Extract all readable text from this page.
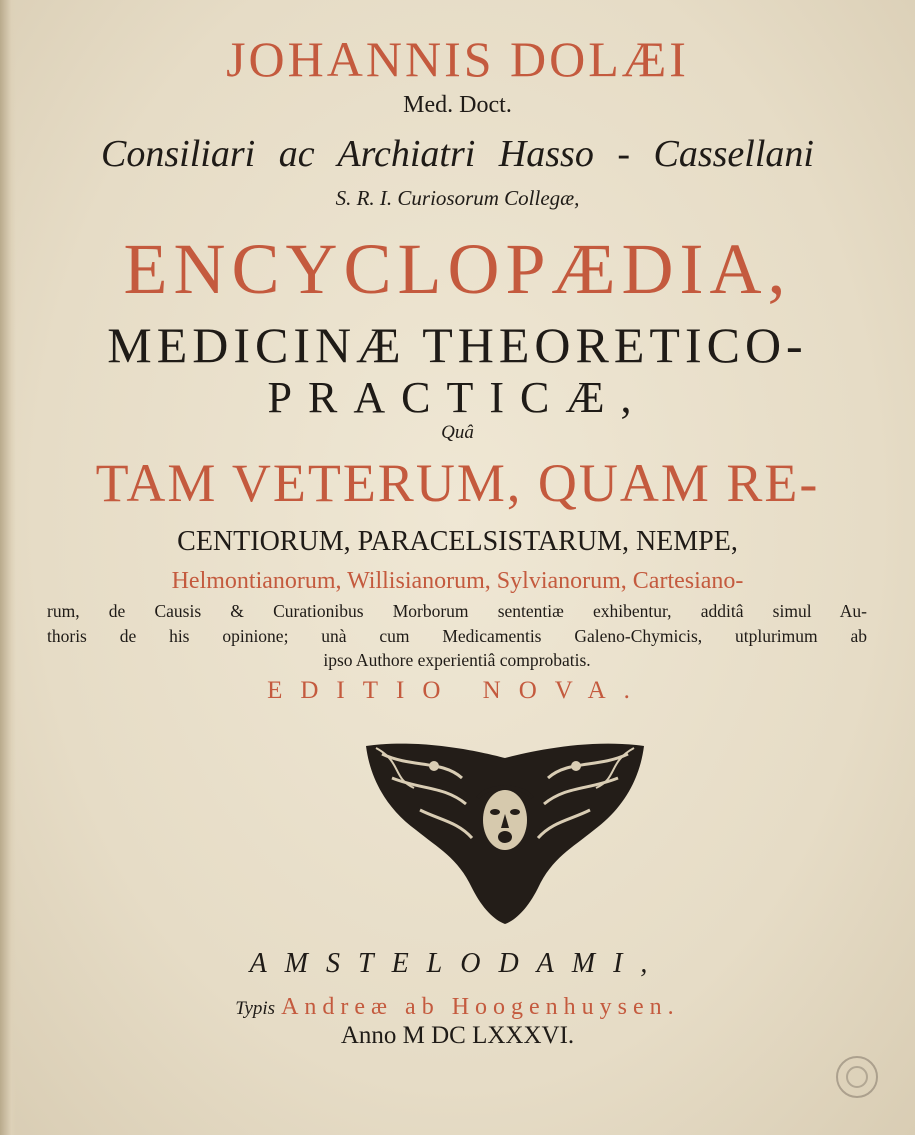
JOHANNIS DOLÆI
Med. Doct.
Consiliari ac Archiatri Hasso - Cassellani
S. R. I. Curiosorum Collegæ,
ENCYCLOPÆDIA,
MEDICINÆ THEORETICO-
PRACTICÆ,
Quâ
TAM VETERUM, QUAM RE-
CENTIORUM, PARACELSISTARUM, NEMPE,
Helmontianorum, Willisianorum, Sylvianorum, Cartesiano-
rum, de Causis & Curationibus Morborum sententiæ exhibentur, additâ simul Au-
thoris de his opinione; unà cum Medicamentis Galeno-Chymicis, utplurimum ab
ipso Authore experientiâ comprobatis.
EDITIO NOVA.
AMSTELODAMI,
Typis Andreæ ab Hoogenhuysen.
Anno M DC LXXXVI.
